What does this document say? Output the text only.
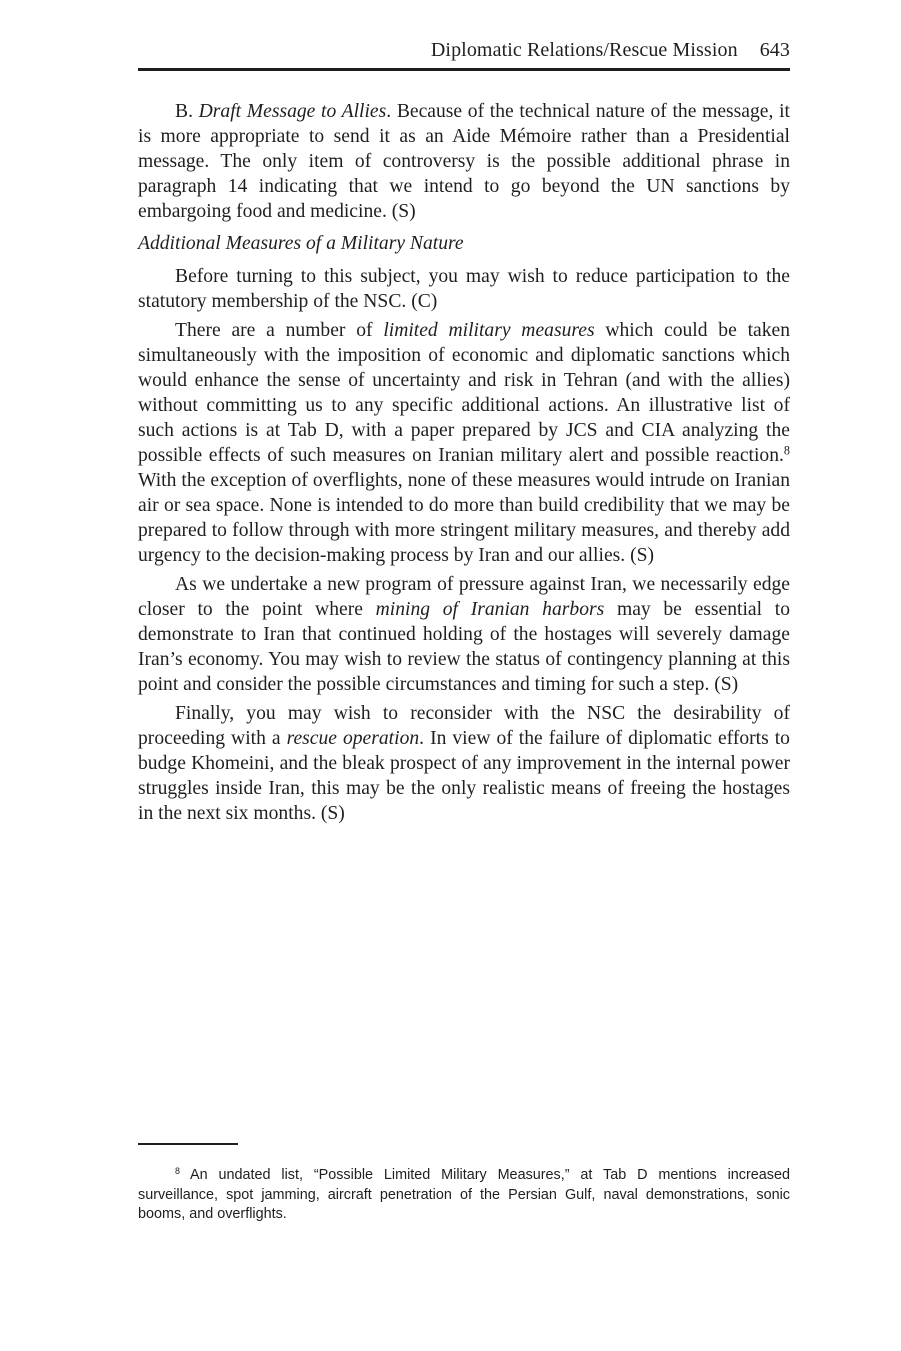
Diplomatic Relations/Rescue Mission 643

B. Draft Message to Allies. Because of the technical nature of the message, it is more appropriate to send it as an Aide Mémoire rather than a Presidential message. The only item of controversy is the possible additional phrase in paragraph 14 indicating that we intend to go beyond the UN sanctions by embargoing food and medicine. (S)

Additional Measures of a Military Nature

Before turning to this subject, you may wish to reduce participation to the statutory membership of the NSC. (C)

There are a number of limited military measures which could be taken simultaneously with the imposition of economic and diplomatic sanctions which would enhance the sense of uncertainty and risk in Tehran (and with the allies) without committing us to any specific additional actions. An illustrative list of such actions is at Tab D, with a paper prepared by JCS and CIA analyzing the possible effects of such measures on Iranian military alert and possible reaction.$^8$ With the exception of overflights, none of these measures would intrude on Iranian air or sea space. None is intended to do more than build credibility that we may be prepared to follow through with more stringent military measures, and thereby add urgency to the decision-making process by Iran and our allies. (S)

As we undertake a new program of pressure against Iran, we necessarily edge closer to the point where mining of Iranian harbors may be essential to demonstrate to Iran that continued holding of the hostages will severely damage Iran’s economy. You may wish to review the status of contingency planning at this point and consider the possible circumstances and timing for such a step. (S)

Finally, you may wish to reconsider with the NSC the desirability of proceeding with a rescue operation. In view of the failure of diplomatic efforts to budge Khomeini, and the bleak prospect of any improvement in the internal power struggles inside Iran, this may be the only realistic means of freeing the hostages in the next six months. (S)

$^8$ An undated list, “Possible Limited Military Measures,” at Tab D mentions increased surveillance, spot jamming, aircraft penetration of the Persian Gulf, naval demonstrations, sonic booms, and overflights.
